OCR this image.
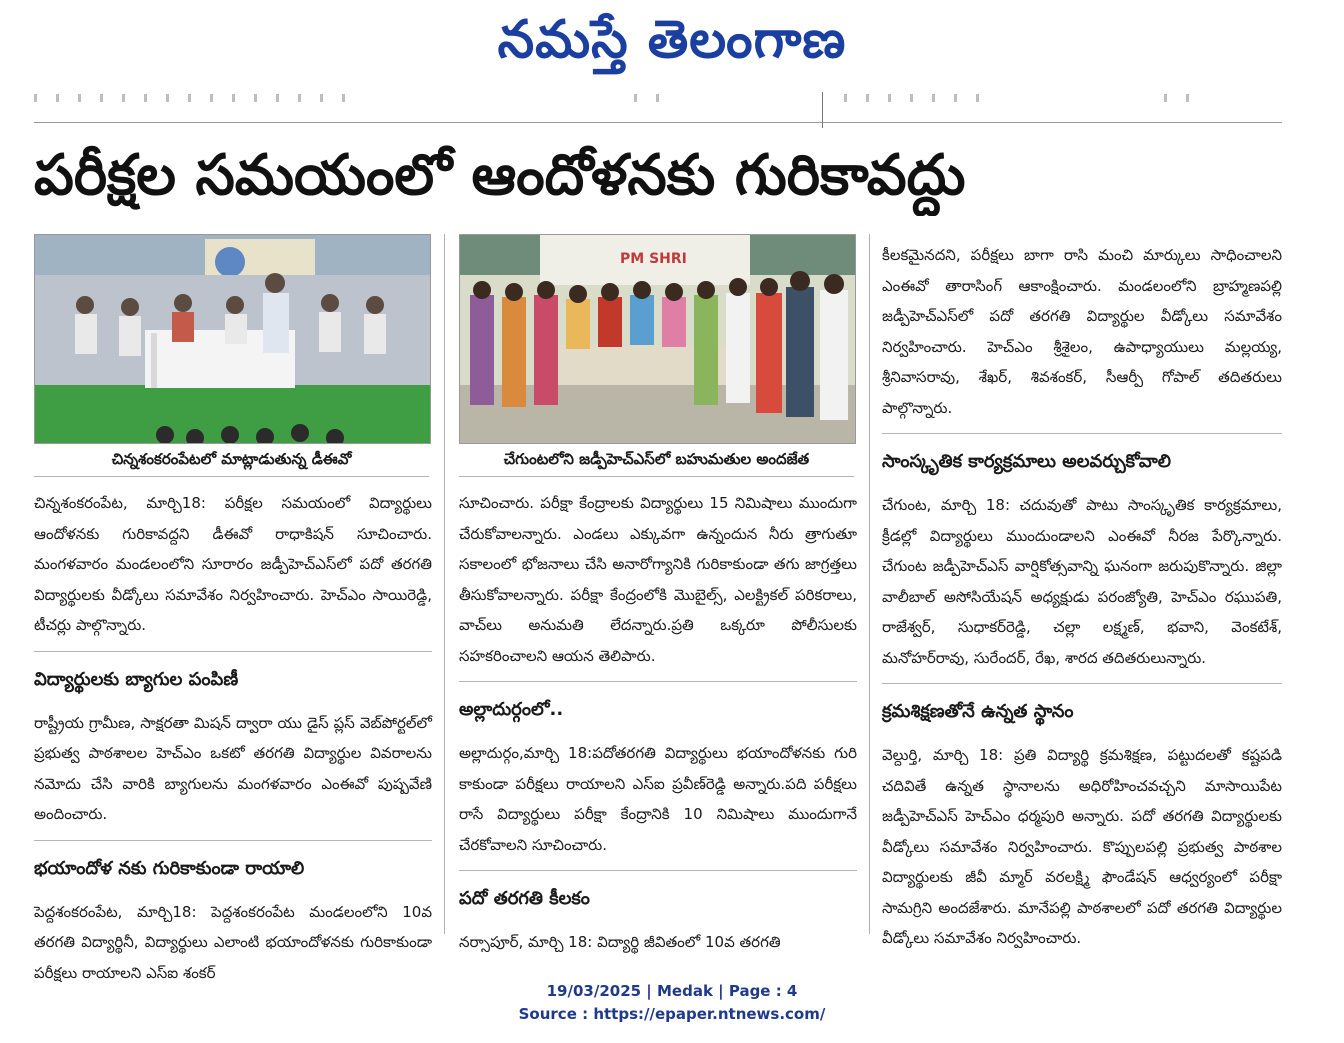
నమస్తే తెలంగాణ
పరీక్షల సమయంలో ఆందోళనకు గురికావద్దు
చిన్నశంకరంపేటలో మాట్లాడుతున్న డీఈవో
PM SHRI
చేగుంటలోని జడ్పీహెచ్ఎస్‌లో బహుమతుల అందజేత

చిన్నశంకరంపేట, మార్చి18: పరీక్షల సమయంలో విద్యార్థులు ఆందోళనకు గురికావద్దని డీఈవో రాధాకిషన్ సూచించారు. మంగళవారం మండలంలోని సూరారం జడ్పీహెచ్ఎస్‌లో పదో తరగతి విద్యార్థులకు వీడ్కోలు సమావేశం నిర్వహించారు. హెచ్ఎం సాయిరెడ్డి, టీచర్లు పాల్గొన్నారు.

విద్యార్థులకు బ్యాగుల పంపిణీ

రాష్ట్రీయ గ్రామీణ, సాక్షరతా మిషన్ ద్వారా యు డైస్ ప్లస్ వెబ్‌పోర్టల్‌లో ప్రభుత్వ పాఠశాలల హెచ్ఎం ఒకటో తరగతి విద్యార్థుల వివరాలను నమోదు చేసి వారికి బ్యాగులను మంగళవారం ఎంఈవో పుష్పవేణి అందించారు.

భయాందోళ నకు గురికాకుండా రాయాలి

పెద్దశంకరంపేట, మార్చి18: పెద్దశంకరంపేట మండలంలోని 10వ తరగతి విద్యార్థినీ, విద్యార్థులు ఎలాంటి భయాందోళనకు గురికాకుండా పరీక్షలు రాయాలని ఎస్ఐ శంకర్

సూచించారు. పరీక్షా కేంద్రాలకు విద్యార్థులు 15 నిమిషాలు ముందుగా చేరుకోవాలన్నారు. ఎండలు ఎక్కువగా ఉన్నందున నీరు త్రాగుతూ సకాలంలో భోజనాలు చేసి అనారోగ్యానికి గురికాకుండా తగు జాగ్రత్తలు తీసుకోవాలన్నారు. పరీక్షా కేంద్రంలోకి మొబైల్స్, ఎలక్ట్రికల్ పరికరాలు, వాచ్‌లు అనుమతి లేదన్నారు.ప్రతి ఒక్కరూ పోలీసులకు సహకరించాలని ఆయన తెలిపారు.

అల్లాదుర్గంలో..

అల్లాదుర్గం,మార్చి 18:పదోతరగతి విద్యార్థులు భయాందోళనకు గురి కాకుండా పరీక్షలు రాయాలని ఎస్ఐ ప్రవీణ్‌రెడ్డి అన్నారు.పది పరీక్షలు రాసే విద్యార్థులు పరీక్షా కేంద్రానికి 10 నిమిషాలు ముందుగానే చేరకోవాలని సూచించారు.

పదో తరగతి కీలకం

నర్సాపూర్, మార్చి 18: విద్యార్థి జీవితంలో 10వ తరగతి

కీలకమైనదని, పరీక్షలు బాగా రాసి మంచి మార్కులు సాధించాలని ఎంఈవో తారాసింగ్ ఆకాంక్షించారు. మండలంలోని బ్రాహ్మణపల్లి జడ్పీహెచ్ఎస్‌లో పదో తరగతి విద్యార్థుల వీడ్కోలు సమావేశం నిర్వహించారు. హెచ్ఎం శ్రీశైలం, ఉపాధ్యాయులు మల్లయ్య, శ్రీనివాసరావు, శేఖర్, శివశంకర్, సీఆర్పీ గోపాల్ తదితరులు పాల్గొన్నారు.

సాంస్కృతిక కార్యక్రమాలు అలవర్చుకోవాలి

చేగుంట, మార్చి 18: చదువుతో పాటు సాంస్కృతిక కార్యక్రమాలు, క్రీడల్లో విద్యార్థులు ముందుండాలని ఎంఈవో నీరజ పేర్కొన్నారు. చేగుంట జడ్పీహెచ్ఎస్ వార్షికోత్సవాన్ని ఘనంగా జరుపుకొన్నారు. జిల్లా వాలీబాల్ అసోసియేషన్ అధ్యక్షుడు పరంజ్యోతి, హెచ్ఎం రఘుపతి, రాజేశ్వర్, సుధాకర్‌రెడ్డి, చల్లా లక్ష్మణ్, భవాని, వెంకటేశ్, మనోహర్‌రావు, సురేందర్, రేఖ, శారద తదితరులున్నారు.

క్రమశిక్షణతోనే ఉన్నత స్థానం

వెల్దుర్తి, మార్చి 18: ప్రతి విద్యార్థి క్రమశిక్షణ, పట్టుదలతో కష్టపడి చదివితే ఉన్నత స్థానాలను అధిరోహించవచ్చని మాసాయిపేట జడ్పీహెచ్ఎస్ హెచ్ఎం ధర్మపురి అన్నారు. పదో తరగతి విద్యార్థులకు వీడ్కోలు సమావేశం నిర్వహించారు. కొప్పులపల్లి ప్రభుత్వ పాఠశాల విద్యార్థులకు జీవీ మ్మార్ వరలక్ష్మి ఫౌండేషన్ ఆధ్వర్యంలో పరీక్షా సామగ్రిని అందజేశారు. మానేపల్లి పాఠశాలలో పదో తరగతి విద్యార్థుల వీడ్కోలు సమావేశం నిర్వహించారు.

19/03/2025 | Medak | Page : 4
Source : https://epaper.ntnews.com/
